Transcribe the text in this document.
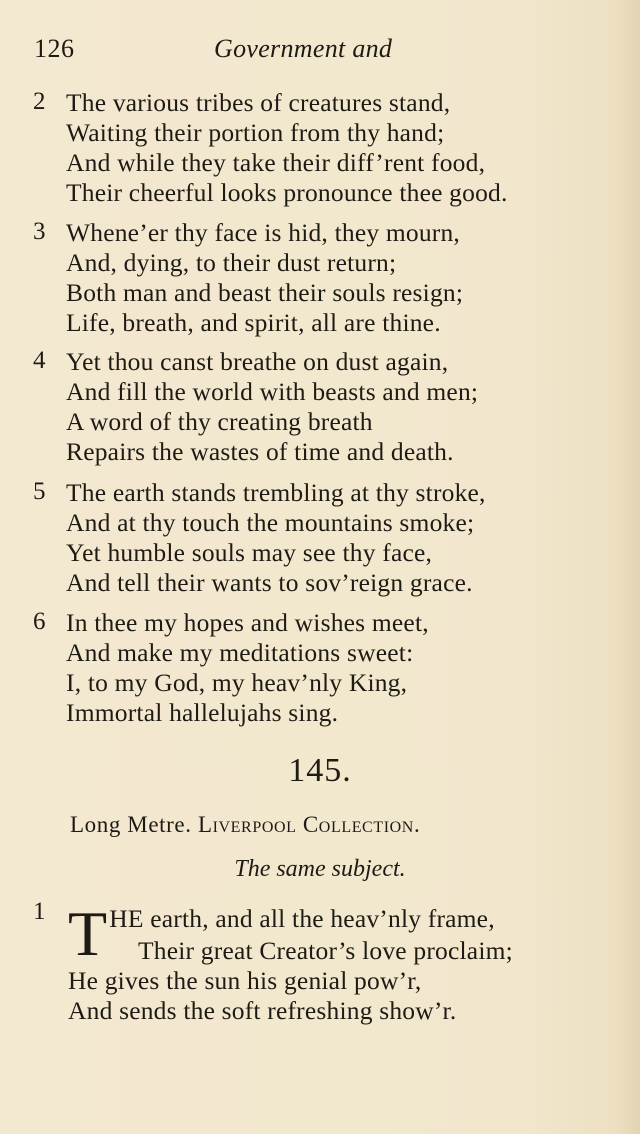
126	Government and
2 The various tribes of creatures stand,
Waiting their portion from thy hand;
And while they take their diff’rent food,
Their cheerful looks pronounce thee good.
3 Whene’er thy face is hid, they mourn,
And, dying, to their dust return;
Both man and beast their souls resign;
Life, breath, and spirit, all are thine.
4 Yet thou canst breathe on dust again,
And fill the world with beasts and men;
A word of thy creating breath
Repairs the wastes of time and death.
5 The earth stands trembling at thy stroke,
And at thy touch the mountains smoke;
Yet humble souls may see thy face,
And tell their wants to sov’reign grace.
6 In thee my hopes and wishes meet,
And make my meditations sweet:
I, to my God, my heav’nly King,
Immortal hallelujahs sing.
145.
Long Metre. Liverpool Collection.
The same subject.
1 THE earth, and all the heav’nly frame,
Their great Creator’s love proclaim;
He gives the sun his genial pow’r,
And sends the soft refreshing show’r.
